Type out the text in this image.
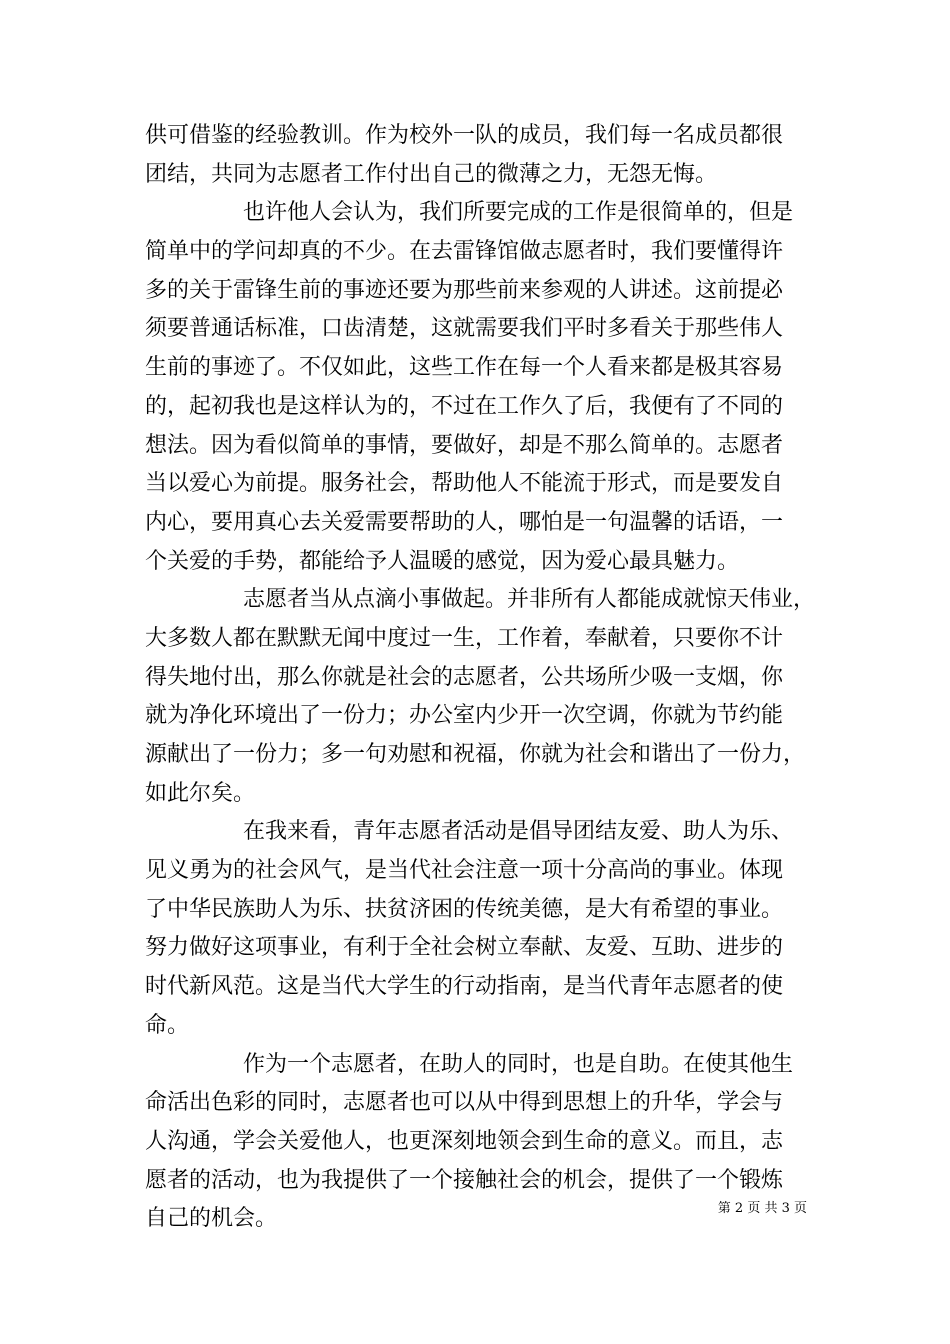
供可借鉴的经验教训。作为校外一队的成员，我们每一名成员都很
团结，共同为志愿者工作付出自己的微薄之力，无怨无悔。
也许他人会认为，我们所要完成的工作是很简单的，但是
简单中的学问却真的不少。在去雷锋馆做志愿者时，我们要懂得许
多的关于雷锋生前的事迹还要为那些前来参观的人讲述。这前提必
须要普通话标准，口齿清楚，这就需要我们平时多看关于那些伟人
生前的事迹了。不仅如此，这些工作在每一个人看来都是极其容易
的，起初我也是这样认为的，不过在工作久了后，我便有了不同的
想法。因为看似简单的事情，要做好，却是不那么简单的。志愿者
当以爱心为前提。服务社会，帮助他人不能流于形式，而是要发自
内心，要用真心去关爱需要帮助的人，哪怕是一句温馨的话语，一
个关爱的手势，都能给予人温暖的感觉，因为爱心最具魅力。
志愿者当从点滴小事做起。并非所有人都能成就惊天伟业，
大多数人都在默默无闻中度过一生，工作着，奉献着，只要你不计
得失地付出，那么你就是社会的志愿者，公共场所少吸一支烟，你
就为净化环境出了一份力；办公室内少开一次空调，你就为节约能
源献出了一份力；多一句劝慰和祝福，你就为社会和谐出了一份力，
如此尔矣。
在我来看，青年志愿者活动是倡导团结友爱、助人为乐、
见义勇为的社会风气，是当代社会注意一项十分高尚的事业。体现
了中华民族助人为乐、扶贫济困的传统美德，是大有希望的事业。
努力做好这项事业，有利于全社会树立奉献、友爱、互助、进步的
时代新风范。这是当代大学生的行动指南，是当代青年志愿者的使
命。
作为一个志愿者，在助人的同时，也是自助。在使其他生
命活出色彩的同时，志愿者也可以从中得到思想上的升华，学会与
人沟通，学会关爱他人，也更深刻地领会到生命的意义。而且，志
愿者的活动，也为我提供了一个接触社会的机会，提供了一个锻炼
自己的机会。	第 2 页 共 3 页
